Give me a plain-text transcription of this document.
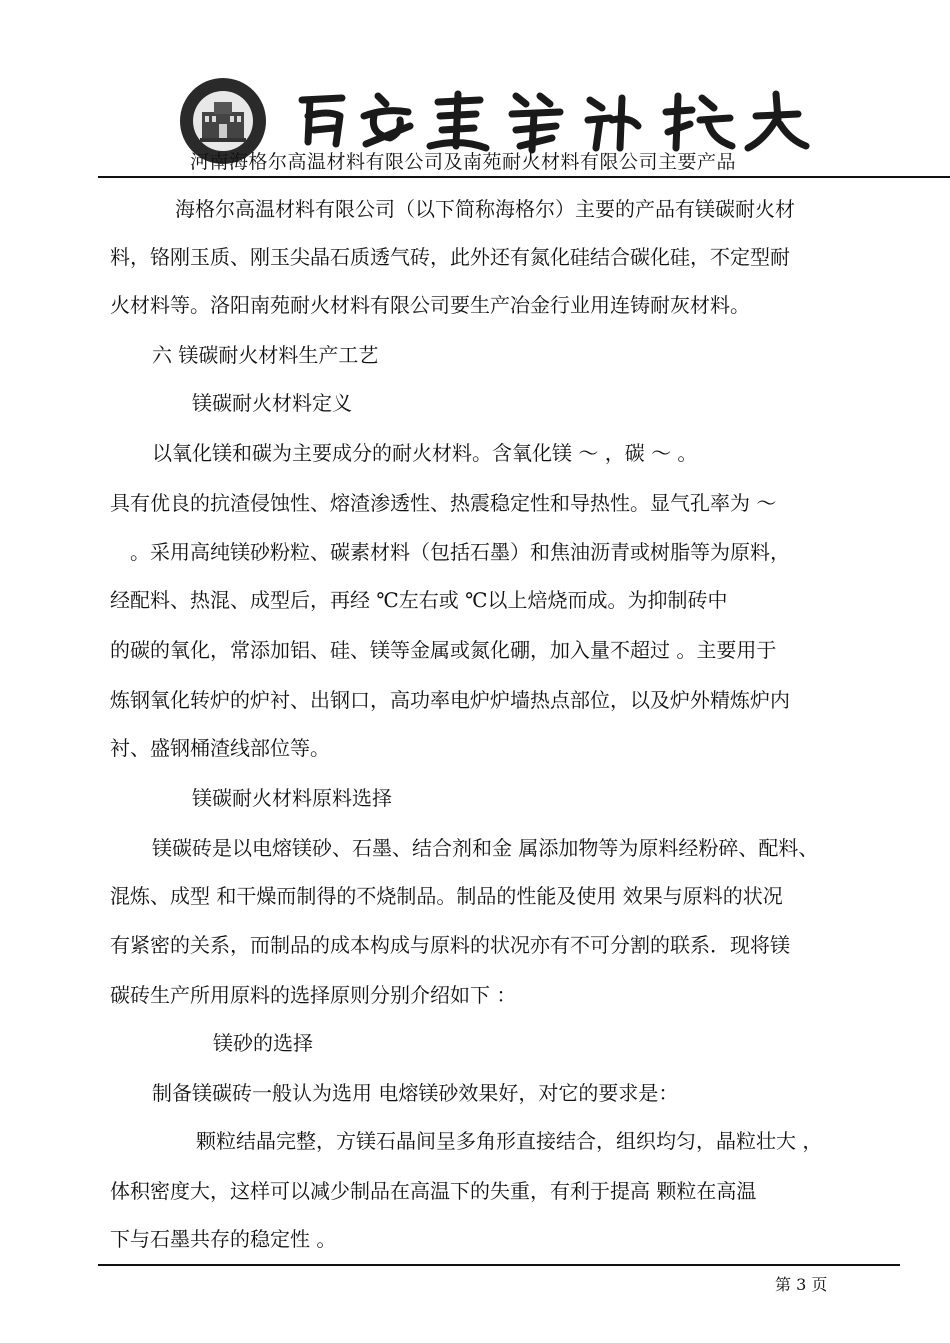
河南海格尔高温材料有限公司及南苑耐火材料有限公司主要产品
海格尔高温材料有限公司（以下简称海格尔）主要的产品有镁碳耐火材
料，铬刚玉质、刚玉尖晶石质透气砖，此外还有氮化硅结合碳化硅，不定型耐
火材料等。洛阳南苑耐火材料有限公司要生产冶金行业用连铸耐灰材料。
六 镁碳耐火材料生产工艺
镁碳耐火材料定义
以氧化镁和碳为主要成分的耐火材料。含氧化镁 ～ ，碳 ～ 。
具有优良的抗渣侵蚀性、熔渣渗透性、热震稳定性和导热性。显气孔率为 ～
。采用高纯镁砂粉粒、碳素材料（包括石墨）和焦油沥青或树脂等为原料，
经配料、热混、成型后，再经 ℃左右或 ℃以上焙烧而成。为抑制砖中
的碳的氧化，常添加铝、硅、镁等金属或氮化硼，加入量不超过 。主要用于
炼钢氧化转炉的炉衬、出钢口，高功率电炉炉墙热点部位，以及炉外精炼炉内
衬、盛钢桶渣线部位等。
镁碳耐火材料原料选择
镁碳砖是以电熔镁砂、石墨、结合剂和金 属添加物等为原料经粉碎、配料、
混炼、成型 和干燥而制得的不烧制品。制品的性能及使用 效果与原料的状况
有紧密的关系，而制品的成本构成与原料的状况亦有不可分割的联系．现将镁
碳砖生产所用原料的选择原则分别介绍如下 ：
镁砂的选择
制备镁碳砖一般认为选用 电熔镁砂效果好，对它的要求是：
颗粒结晶完整，方镁石晶间呈多角形直接结合，组织均匀，晶粒壮大 ，
体积密度大，这样可以减少制品在高温下的失重，有利于提高 颗粒在高温
下与石墨共存的稳定性 。
第 3 页
